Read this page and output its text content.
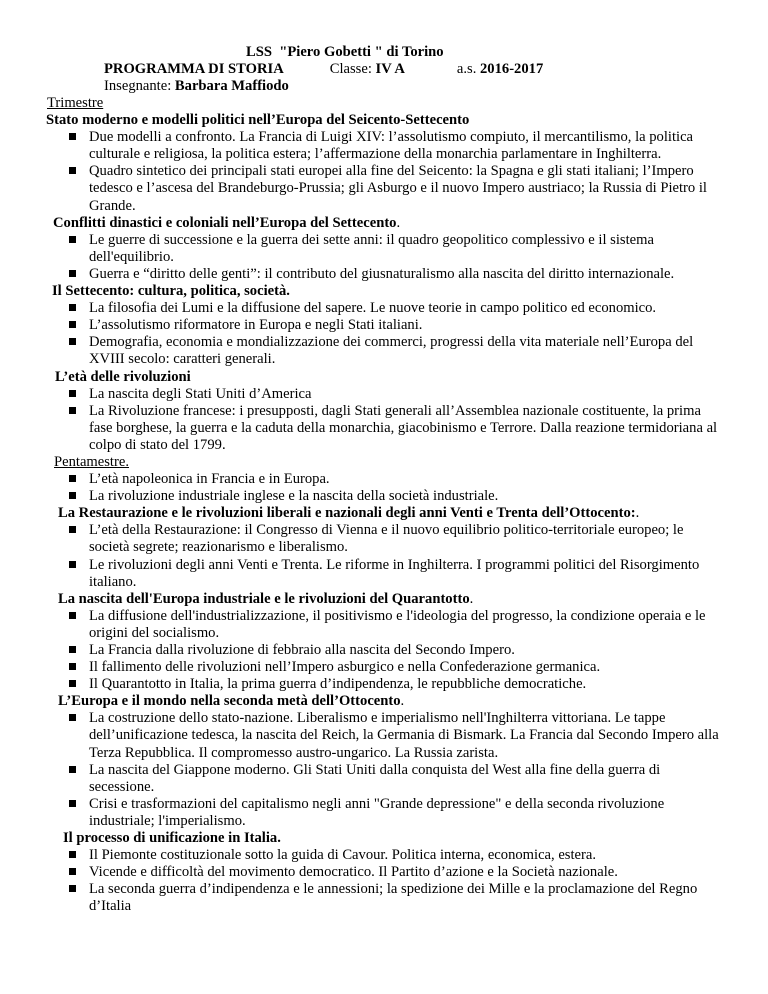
LSS  "Piero Gobetti " di Torino
PROGRAMMA DI STORIA	Classe: IV A	a.s. 2016-2017
Insegnante: Barbara Maffiodo
Trimestre
Stato moderno e modelli politici nell’Europa del Seicento-Settecento
Due modelli a confronto. La Francia di Luigi XIV: l’assolutismo compiuto, il mercantilismo, la politica culturale e religiosa, la politica estera; l’affermazione della monarchia parlamentare in Inghilterra.
Quadro sintetico dei principali stati europei alla fine del Seicento: la Spagna e gli stati italiani; l’Impero tedesco e l’ascesa del Brandeburgo-Prussia; gli Asburgo e il nuovo Impero austriaco; la Russia di Pietro il Grande.
Conflitti dinastici e coloniali nell’Europa del Settecento.
Le guerre di successione e la guerra dei sette anni: il quadro geopolitico complessivo e il sistema dell'equilibrio.
Guerra e “diritto delle genti”: il contributo del giusnaturalismo alla nascita del diritto internazionale.
Il Settecento: cultura, politica, società.
La filosofia dei Lumi e la diffusione del sapere. Le nuove teorie in campo politico ed economico.
L’assolutismo riformatore in Europa e negli Stati italiani.
Demografia, economia e mondializzazione dei commerci, progressi della vita materiale nell’Europa del XVIII secolo: caratteri generali.
L’età delle rivoluzioni
La nascita degli Stati Uniti d’America
La Rivoluzione francese: i presupposti, dagli Stati generali all’Assemblea nazionale costituente, la prima fase borghese, la guerra e la caduta della monarchia, giacobinismo e Terrore. Dalla reazione termidoriana al colpo di stato del 1799.
Pentamestre.
L’età napoleonica in Francia e in Europa.
La rivoluzione industriale inglese e la nascita della società industriale.
La Restaurazione e le rivoluzioni liberali e nazionali degli anni Venti e Trenta dell’Ottocento:.
L’età della Restaurazione: il Congresso di Vienna e il nuovo equilibrio politico-territoriale europeo; le società segrete; reazionarismo e liberalismo.
Le rivoluzioni degli anni Venti e Trenta. Le riforme in Inghilterra. I programmi politici del Risorgimento italiano.
La nascita dell'Europa industriale e le rivoluzioni del Quarantotto.
La diffusione dell'industrializzazione, il positivismo e l'ideologia del progresso, la condizione operaia e le origini del socialismo.
La Francia dalla rivoluzione di febbraio alla nascita del Secondo Impero.
Il fallimento delle rivoluzioni nell’Impero asburgico e nella Confederazione germanica.
Il Quarantotto in Italia, la prima guerra d’indipendenza, le repubbliche democratiche.
L’Europa e il mondo nella seconda metà dell’Ottocento.
La costruzione dello stato-nazione. Liberalismo e imperialismo nell'Inghilterra vittoriana. Le tappe dell’unificazione tedesca, la nascita del Reich, la Germania di Bismark. La Francia dal Secondo Impero alla Terza Repubblica. Il compromesso austro-ungarico. La Russia zarista.
La nascita del Giappone moderno. Gli Stati Uniti dalla conquista del West alla fine della guerra di secessione.
Crisi e trasformazioni del capitalismo negli anni "Grande depressione" e della seconda rivoluzione industriale; l'imperialismo.
Il processo di unificazione in Italia.
Il Piemonte costituzionale sotto la guida di Cavour. Politica interna, economica, estera.
Vicende e difficoltà del movimento democratico. Il Partito d’azione e la Società nazionale.
La seconda guerra d’indipendenza e le annessioni; la spedizione dei Mille e la proclamazione del Regno d’Italia
